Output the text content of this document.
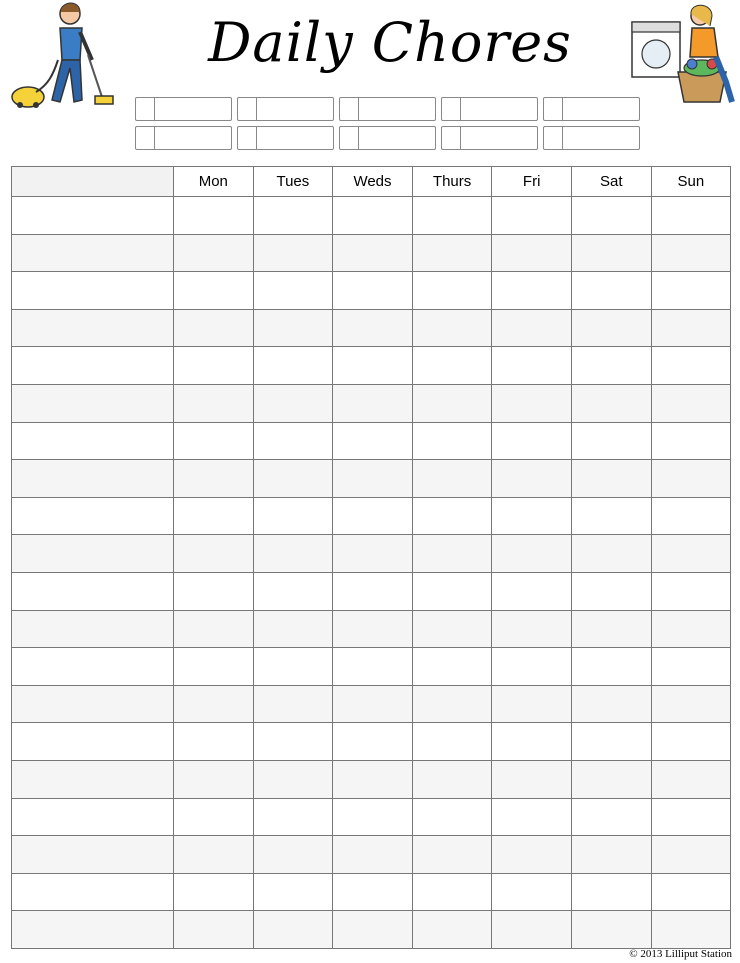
Daily Chores
	Mon	Tues	Weds	Thurs	Fri	Sat	Sun

© 2013 Lilliput Station
